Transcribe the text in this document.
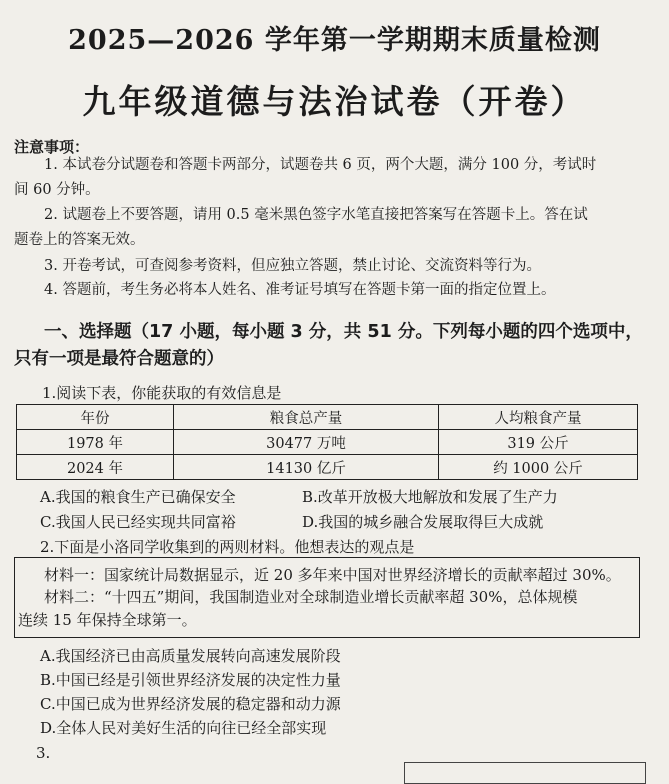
2025—2026 学年第一学期期末质量检测
九年级道德与法治试卷（开卷）
注意事项：
1. 本试卷分试题卷和答题卡两部分，试题卷共 6 页，两个大题，满分 100 分，考试时
间 60 分钟。
2. 试题卷上不要答题，请用 0.5 毫米黑色签字水笔直接把答案写在答题卡上。答在试
题卷上的答案无效。
3. 开卷考试，可查阅参考资料，但应独立答题，禁止讨论、交流资料等行为。
4. 答题前，考生务必将本人姓名、准考证号填写在答题卡第一面的指定位置上。
一、选择题（17 小题，每小题 3 分，共 51 分。下列每小题的四个选项中，
只有一项是最符合题意的）
1.阅读下表，你能获取的有效信息是
年份	粮食总产量	人均粮食产量
1978 年	30477 万吨	319 公斤
2024 年	14130 亿斤	约 1000 公斤
A.我国的粮食生产已确保安全	B.改革开放极大地解放和发展了生产力
C.我国人民已经实现共同富裕	D.我国的城乡融合发展取得巨大成就
2.下面是小洛同学收集到的两则材料。他想表达的观点是
材料一：国家统计局数据显示，近 20 多年来中国对世界经济增长的贡献率超过 30%。
材料二：“十四五”期间，我国制造业对全球制造业增长贡献率超 30%，总体规模
连续 15 年保持全球第一。
A.我国经济已由高质量发展转向高速发展阶段
B.中国已经是引领世界经济发展的决定性力量
C.中国已成为世界经济发展的稳定器和动力源
D.全体人民对美好生活的向往已经全部实现
3.
